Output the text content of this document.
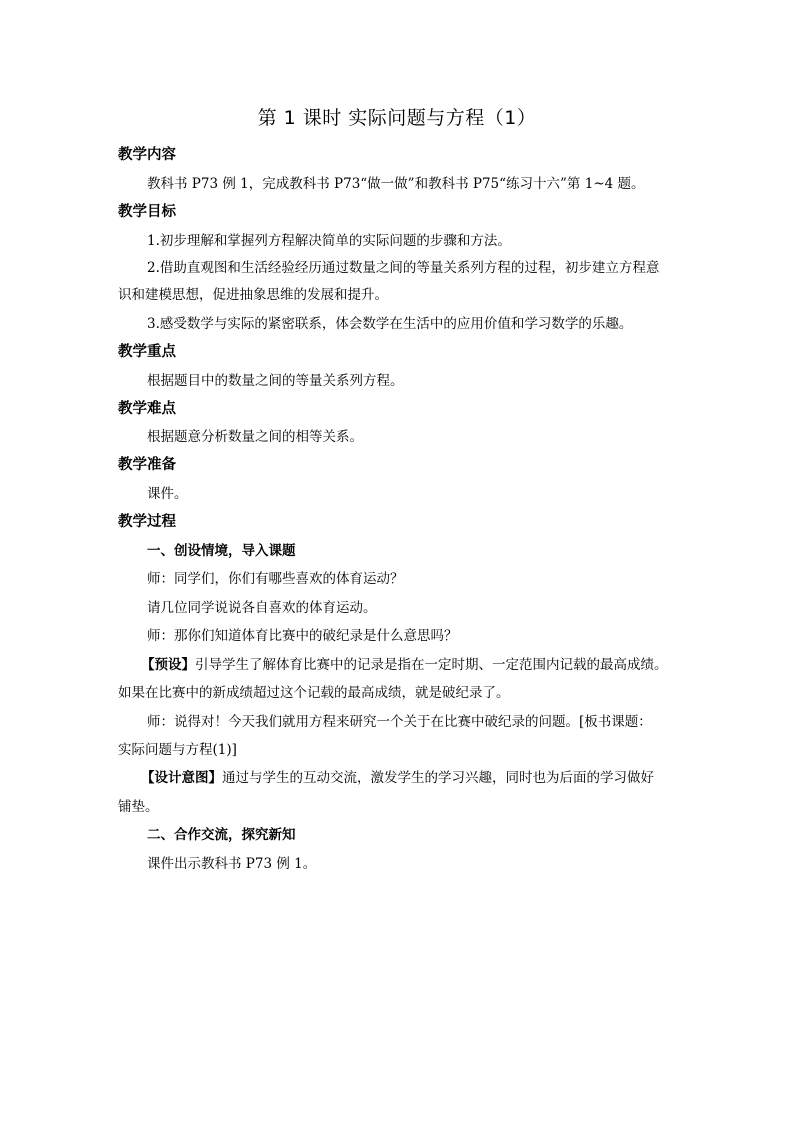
第 1 课时 实际问题与方程（1）
教学内容
教科书 P73 例 1，完成教科书 P73“做一做”和教科书 P75“练习十六”第 1~4 题。
教学目标
1.初步理解和掌握列方程解决简单的实际问题的步骤和方法。
2.借助直观图和生活经验经历通过数量之间的等量关系列方程的过程，初步建立方程意
识和建模思想，促进抽象思维的发展和提升。
3.感受数学与实际的紧密联系，体会数学在生活中的应用价值和学习数学的乐趣。
教学重点
根据题目中的数量之间的等量关系列方程。
教学难点
根据题意分析数量之间的相等关系。
教学准备
课件。
教学过程
一、创设情境，导入课题
师：同学们，你们有哪些喜欢的体育运动？
请几位同学说说各自喜欢的体育运动。
师：那你们知道体育比赛中的破纪录是什么意思吗？
【预设】引导学生了解体育比赛中的记录是指在一定时期、一定范围内记载的最高成绩。
如果在比赛中的新成绩超过这个记载的最高成绩，就是破纪录了。
师：说得对！今天我们就用方程来研究一个关于在比赛中破纪录的问题。[板书课题：
实际问题与方程(1)]
【设计意图】通过与学生的互动交流，激发学生的学习兴趣，同时也为后面的学习做好
铺垫。
二、合作交流，探究新知
课件出示教科书 P73 例 1。
